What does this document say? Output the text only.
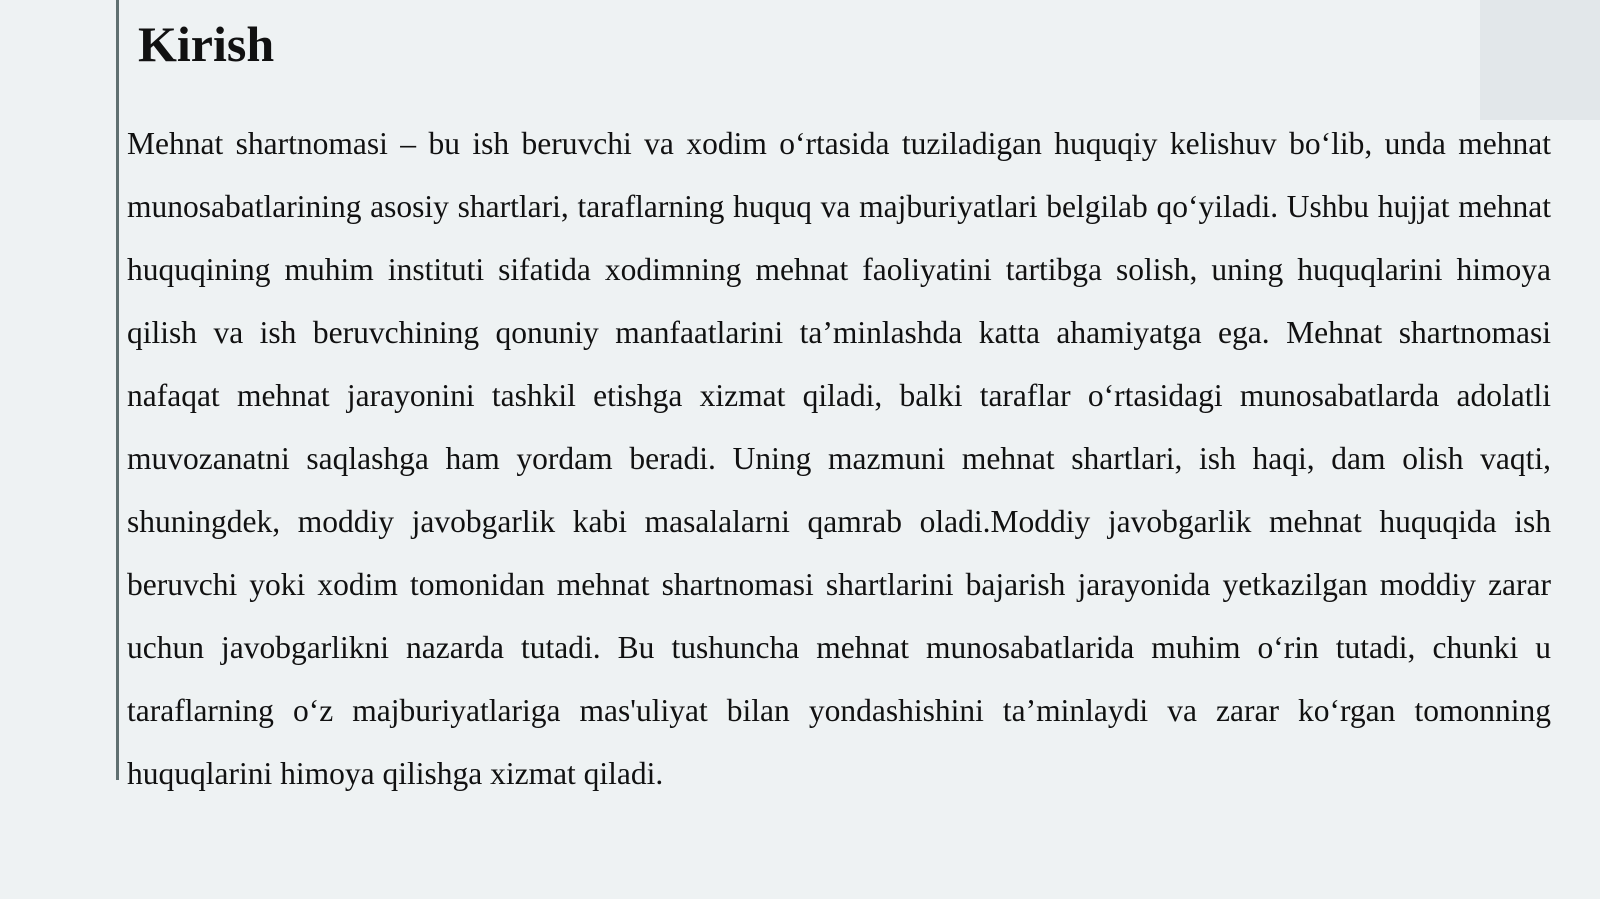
Kirish

Mehnat shartnomasi – bu ish beruvchi va xodim o‘rtasida tuziladigan huquqiy kelishuv bo‘lib, unda mehnat munosabatlarining asosiy shartlari, taraflarning huquq va majburiyatlari belgilab qo‘yiladi. Ushbu hujjat mehnat huquqining muhim instituti sifatida xodimning mehnat faoliyatini tartibga solish, uning huquqlarini himoya qilish va ish beruvchining qonuniy manfaatlarini ta’minlashda katta ahamiyatga ega. Mehnat shartnomasi nafaqat mehnat jarayonini tashkil etishga xizmat qiladi, balki taraflar o‘rtasidagi munosabatlarda adolatli muvozanatni saqlashga ham yordam beradi. Uning mazmuni mehnat shartlari, ish haqi, dam olish vaqti, shuningdek, moddiy javobgarlik kabi masalalarni qamrab oladi.Moddiy javobgarlik mehnat huquqida ish beruvchi yoki xodim tomonidan mehnat shartnomasi shartlarini bajarish jarayonida yetkazilgan moddiy zarar uchun javobgarlikni nazarda tutadi. Bu tushuncha mehnat munosabatlarida muhim o‘rin tutadi, chunki u taraflarning o‘z majburiyatlariga mas'uliyat bilan yondashishini ta’minlaydi va zarar ko‘rgan tomonning huquqlarini himoya qilishga xizmat qiladi.
